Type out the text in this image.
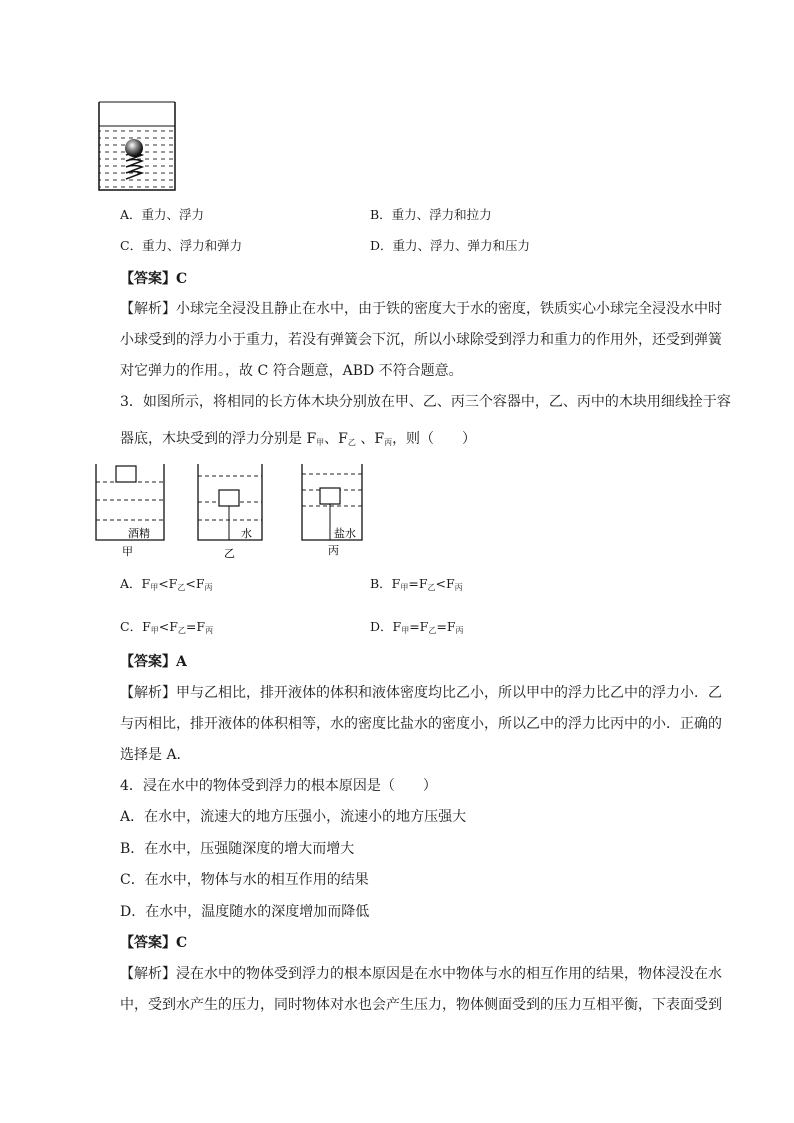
A．重力、浮力	B．重力、浮力和拉力
C．重力、浮力和弹力	D．重力、浮力、弹力和压力
【答案】C
【解析】小球完全浸没且静止在水中，由于铁的密度大于水的密度，铁质实心小球完全浸没水中时
小球受到的浮力小于重力，若没有弹簧会下沉，所以小球除受到浮力和重力的作用外，还受到弹簧
对它弹力的作用。，故 C 符合题意，ABD 不符合题意。
3．如图所示，将相同的长方体木块分别放在甲、乙、丙三个容器中，乙、丙中的木块用细线拴于容
器底，木块受到的浮力分别是 $F_甲$、$F_乙$ 、$F_丙$，则（　　）
酒精	水	盐水
甲	乙	丙
A．$F_甲<F_乙<F_丙$	B．$F_甲=F_乙<F_丙$
C．$F_甲<F_乙=F_丙$	D．$F_甲=F_乙=F_丙$
【答案】A
【解析】甲与乙相比，排开液体的体积和液体密度均比乙小，所以甲中的浮力比乙中的浮力小．乙
与丙相比，排开液体的体积相等，水的密度比盐水的密度小，所以乙中的浮力比丙中的小．正确的
选择是 A．
4．浸在水中的物体受到浮力的根本原因是（　　）
A．在水中，流速大的地方压强小，流速小的地方压强大
B．在水中，压强随深度的增大而增大
C．在水中，物体与水的相互作用的结果
D．在水中，温度随水的深度增加而降低
【答案】C
【解析】浸在水中的物体受到浮力的根本原因是在水中物体与水的相互作用的结果，物体浸没在水
中，受到水产生的压力，同时物体对水也会产生压力，物体侧面受到的压力互相平衡，下表面受到
